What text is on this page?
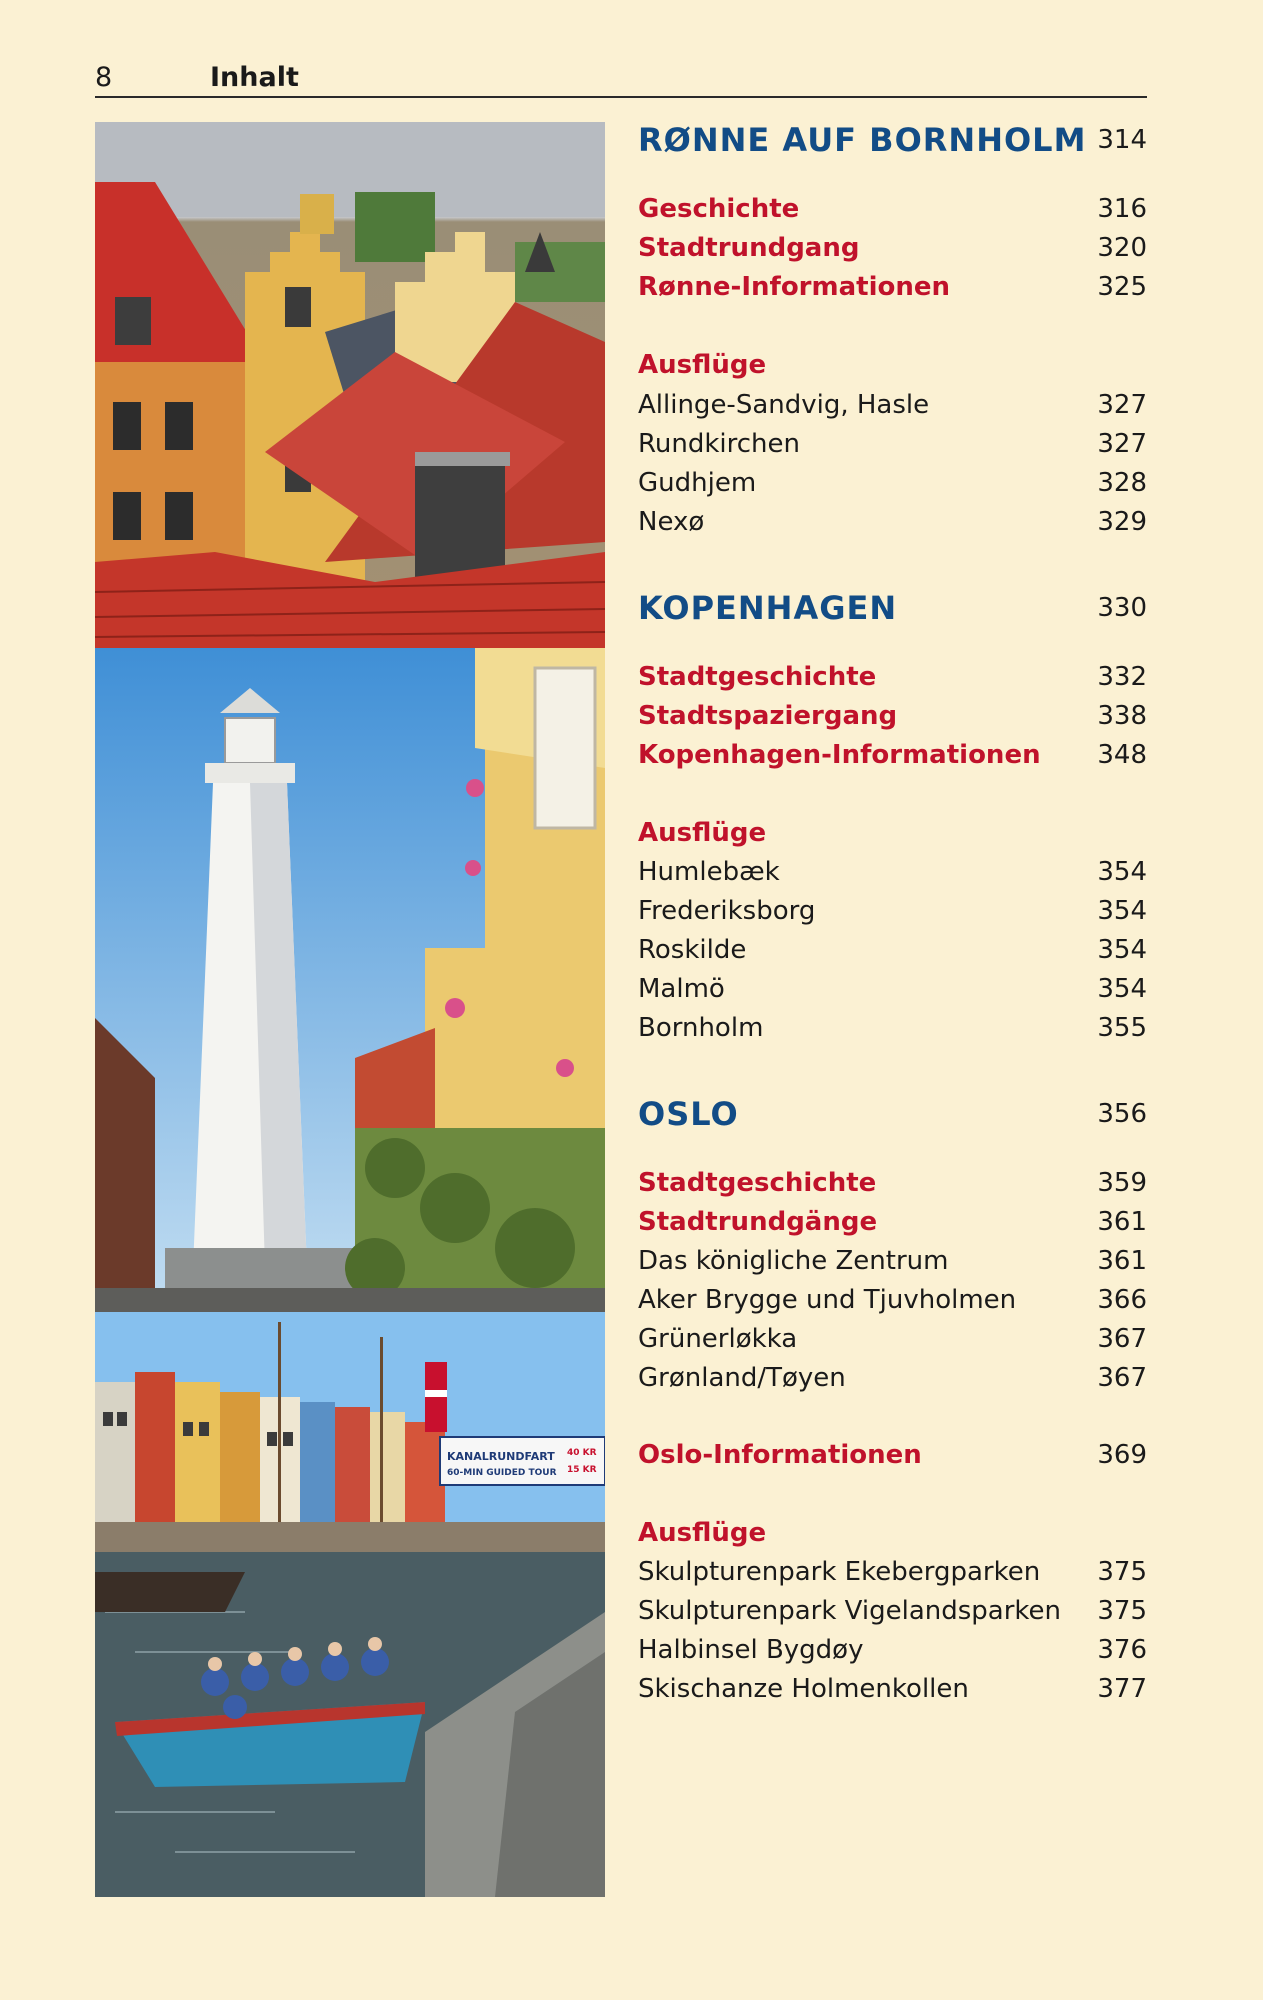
8	Inhalt
KANALRUNDFART
60-MIN GUIDED TOUR
40 KR
15 KR
RØNNE AUF BORNHOLM 314
Geschichte	316
Stadtrundgang	320
Rønne-Informationen	325
Ausflüge
Allinge-Sandvig, Hasle	327
Rundkirchen	327
Gudhjem	328
Nexø	329
KOPENHAGEN	330
Stadtgeschichte	332
Stadtspaziergang	338
Kopenhagen-Informationen 348
Ausflüge
Humlebæk	354
Frederiksborg	354
Roskilde	354
Malmö	354
Bornholm	355
OSLO	356
Stadtgeschichte	359
Stadtrundgänge	361
Das königliche Zentrum	361
Aker Brygge und Tjuvholmen	366
Grünerløkka	367
Grønland/Tøyen	367
Oslo-Informationen	369
Ausflüge
Skulpturenpark Ekebergparken 375
Skulpturenpark Vigelandsparken 375
Halbinsel Bygdøy	376
Skischanze Holmenkollen	377
